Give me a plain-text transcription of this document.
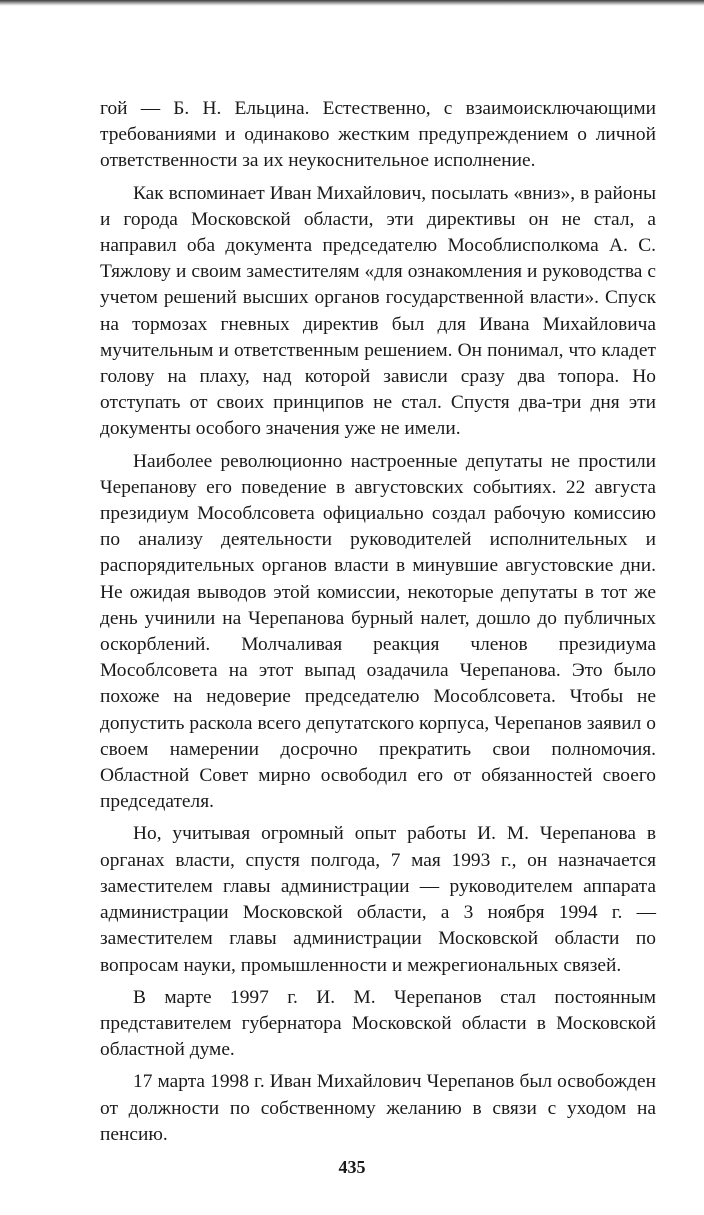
гой — Б. Н. Ельцина. Естественно, с взаимоисключающими требованиями и одинаково жестким предупреждением о личной ответственности за их неукоснительное исполнение.

Как вспоминает Иван Михайлович, посылать «вниз», в районы и города Московской области, эти директивы он не стал, а направил оба документа председателю Мособлисполкома А. С. Тяжлову и своим заместителям «для ознакомления и руководства с учетом решений высших органов государственной власти». Спуск на тормозах гневных директив был для Ивана Михайловича мучительным и ответственным решением. Он понимал, что кладет голову на плаху, над которой зависли сразу два топора. Но отступать от своих принципов не стал. Спустя два-три дня эти документы особого значения уже не имели.

Наиболее революционно настроенные депутаты не простили Черепанову его поведение в августовских событиях. 22 августа президиум Мособлсовета официально создал рабочую комиссию по анализу деятельности руководителей исполнительных и распорядительных органов власти в минувшие августовские дни. Не ожидая выводов этой комиссии, некоторые депутаты в тот же день учинили на Черепанова бурный налет, дошло до публичных оскорблений. Молчаливая реакция членов президиума Мособлсовета на этот выпад озадачила Черепанова. Это было похоже на недоверие председателю Мособлсовета. Чтобы не допустить раскола всего депутатского корпуса, Черепанов заявил о своем намерении досрочно прекратить свои полномочия. Областной Совет мирно освободил его от обязанностей своего председателя.

Но, учитывая огромный опыт работы И. М. Черепанова в органах власти, спустя полгода, 7 мая 1993 г., он назначается заместителем главы администрации — руководителем аппарата администрации Московской области, а 3 ноября 1994 г. — заместителем главы администрации Московской области по вопросам науки, промышленности и межрегиональных связей.

В марте 1997 г. И. М. Черепанов стал постоянным представителем губернатора Московской области в Московской областной думе.

17 марта 1998 г. Иван Михайлович Черепанов был освобожден от должности по собственному желанию в связи с уходом на пенсию.

435
